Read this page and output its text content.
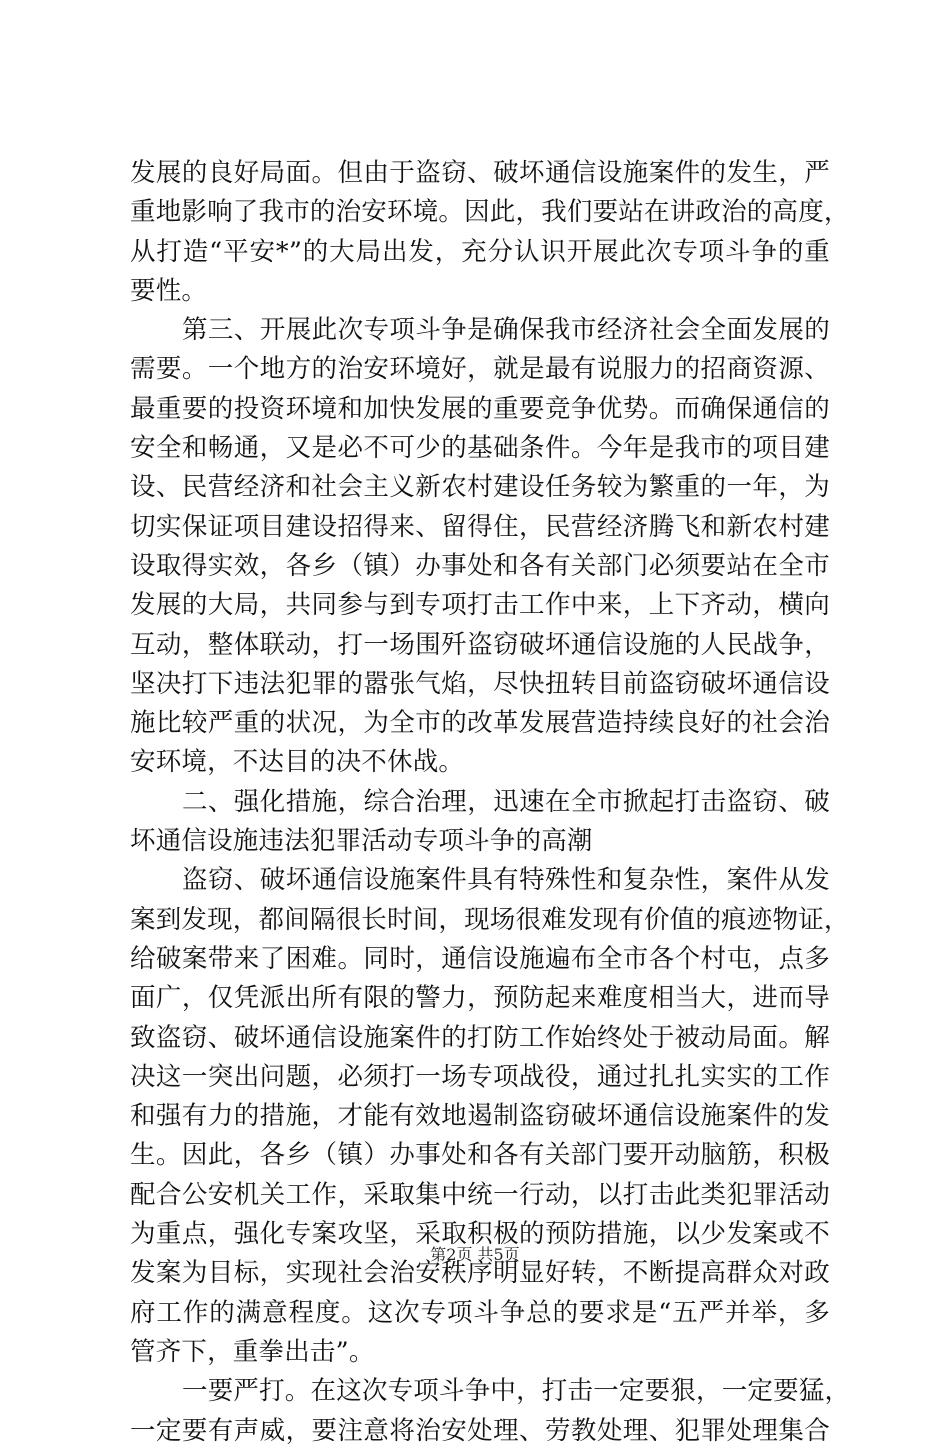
发展的良好局面。但由于盗窃、破坏通信设施案件的发生，严
重地影响了我市的治安环境。因此，我们要站在讲政治的高度，
从打造“平安*”的大局出发，充分认识开展此次专项斗争的重
要性。
第三、开展此次专项斗争是确保我市经济社会全面发展的
需要。一个地方的治安环境好，就是最有说服力的招商资源、
最重要的投资环境和加快发展的重要竞争优势。而确保通信的
安全和畅通，又是必不可少的基础条件。今年是我市的项目建
设、民营经济和社会主义新农村建设任务较为繁重的一年，为
切实保证项目建设招得来、留得住，民营经济腾飞和新农村建
设取得实效，各乡（镇）办事处和各有关部门必须要站在全市
发展的大局，共同参与到专项打击工作中来，上下齐动，横向
互动，整体联动，打一场围歼盗窃破坏通信设施的人民战争，
坚决打下违法犯罪的嚣张气焰，尽快扭转目前盗窃破坏通信设
施比较严重的状况，为全市的改革发展营造持续良好的社会治
安环境，不达目的决不休战。
二、强化措施，综合治理，迅速在全市掀起打击盗窃、破
坏通信设施违法犯罪活动专项斗争的高潮
盗窃、破坏通信设施案件具有特殊性和复杂性，案件从发
案到发现，都间隔很长时间，现场很难发现有价值的痕迹物证，
给破案带来了困难。同时，通信设施遍布全市各个村屯，点多
面广，仅凭派出所有限的警力，预防起来难度相当大，进而导
致盗窃、破坏通信设施案件的打防工作始终处于被动局面。解
决这一突出问题，必须打一场专项战役，通过扎扎实实的工作
和强有力的措施，才能有效地遏制盗窃破坏通信设施案件的发
生。因此，各乡（镇）办事处和各有关部门要开动脑筋，积极
配合公安机关工作，采取集中统一行动，以打击此类犯罪活动
为重点，强化专案攻坚，采取积极的预防措施，以少发案或不
发案为目标，实现社会治安秩序明显好转，不断提高群众对政
府工作的满意程度。这次专项斗争总的要求是“五严并举，多
管齐下，重拳出击”。
一要严打。在这次专项斗争中，打击一定要狠，一定要猛，
一定要有声威，要注意将治安处理、劳教处理、犯罪处理集合
第2页 共5页
